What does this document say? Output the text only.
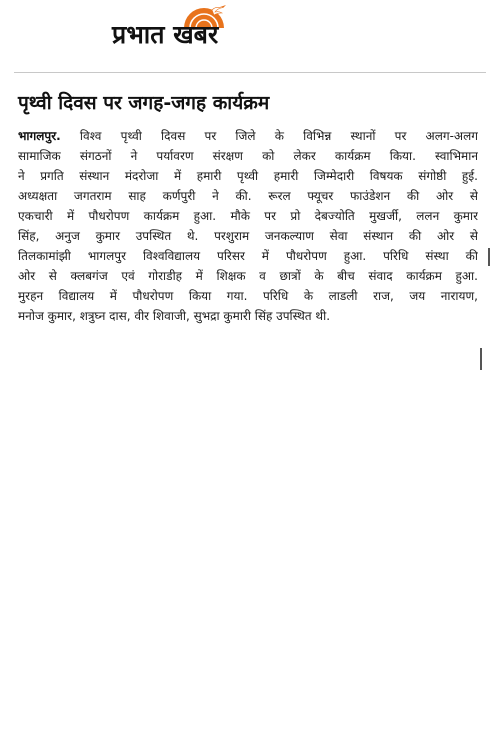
प्रभात खबर
पृथ्वी दिवस पर जगह-जगह कार्यक्रम
भागलपुर. विश्व पृथ्वी दिवस पर जिले के विभिन्न स्थानों पर अलग-अलग
सामाजिक संगठनों ने पर्यावरण संरक्षण को लेकर कार्यक्रम किया. स्वाभिमान
ने प्रगति संस्थान मंदरोजा में हमारी पृथ्वी हमारी जिम्मेदारी विषयक संगोष्ठी हुई.
अध्यक्षता जगतराम साह कर्णपुरी ने की. रूरल फ्यूचर फाउंडेशन की ओर से
एकचारी में पौधरोपण कार्यक्रम हुआ. मौके पर प्रो देबज्योति मुखर्जी, ललन कुमार
सिंह, अनुज कुमार उपस्थित थे. परशुराम जनकल्याण सेवा संस्थान की ओर से
तिलकामांझी भागलपुर विश्वविद्यालय परिसर में पौधरोपण हुआ. परिधि संस्था की
ओर से क्लबगंज एवं गोराडीह में शिक्षक व छात्रों के बीच संवाद कार्यक्रम हुआ.
मुरहन विद्यालय में पौधरोपण किया गया. परिधि के लाडली राज, जय नारायण,
मनोज कुमार, शत्रुघ्न दास, वीर शिवाजी, सुभद्रा कुमारी सिंह उपस्थित थी.
